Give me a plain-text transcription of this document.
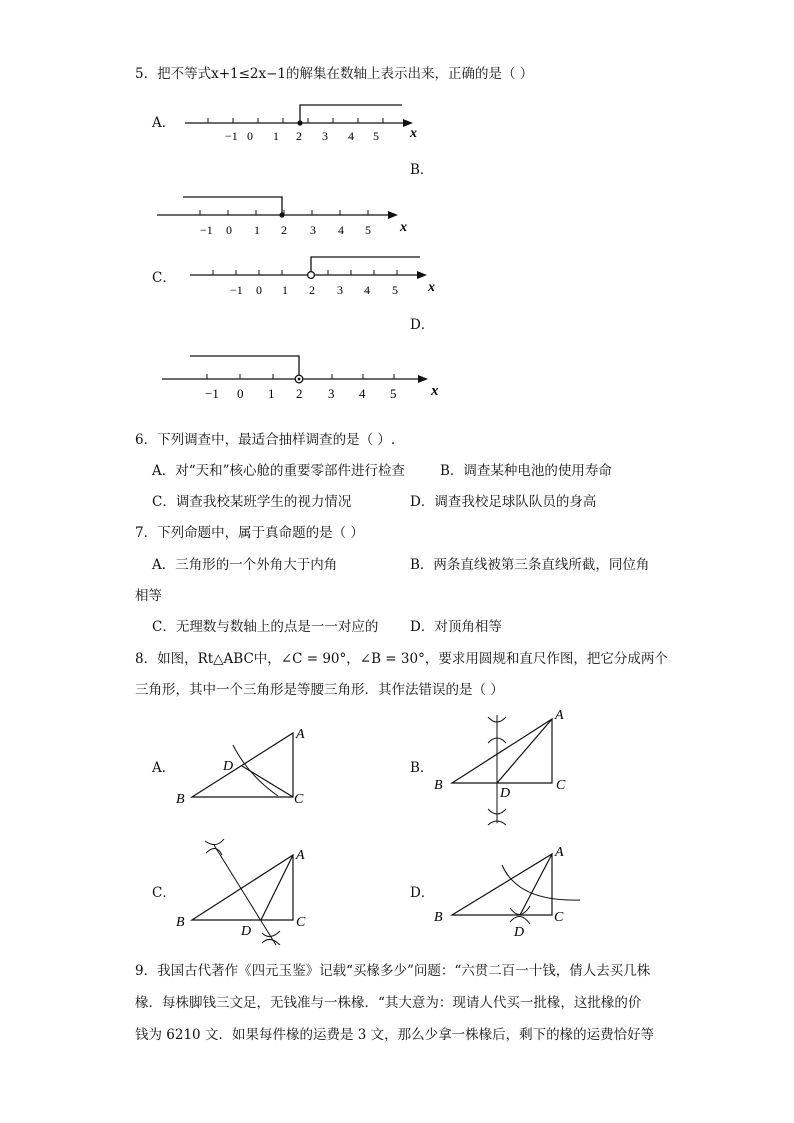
5．把不等式x+1≤2x−1的解集在数轴上表示出来，正确的是（ ）
A．
−1 0 1 2 3 4 5 x
B．
−1 0 1 2 3 4 5 x
C．
−1 0 1 2 3 4 5 x
D．
−1 0 1 2 3 4 5 x
6．下列调查中，最适合抽样调查的是（ ）.
A．对“天和”核心舱的重要零部件进行检查	B．调查某种电池的使用寿命
C．调查我校某班学生的视力情况	D．调查我校足球队队员的身高
7．下列命题中，属于真命题的是（ ）
A．三角形的一个外角大于内角	B．两条直线被第三条直线所截，同位角
相等
C．无理数与数轴上的点是一一对应的 D．对顶角相等
8．如图，Rt△ABC中，∠C = 90°，∠B = 30°，要求用圆规和直尺作图，把它分成两个
三角形，其中一个三角形是等腰三角形．其作法错误的是（ ）
A．
A
B	C
D	B．
A
B	C
D
C．
A
B	C
D
D．
A
B	C
D
9．我国古代著作《四元玉鉴》记载“买椽多少”问题：“六贯二百一十钱，倩人去买几株
椽．每株脚钱三文足，无钱准与一株椽．“其大意为：现请人代买一批椽，这批椽的价
钱为 6210 文．如果每件椽的运费是 3 文，那么少拿一株椽后，剩下的椽的运费恰好等
